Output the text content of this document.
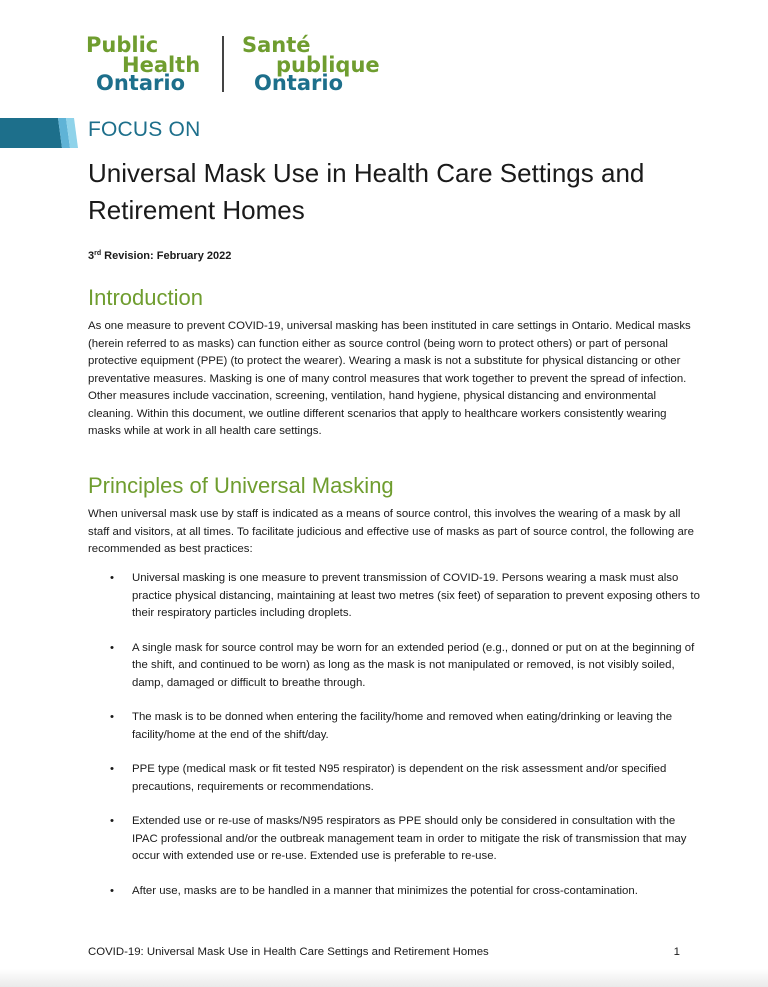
Public
Health
Ontario
Santé
publique
Ontario
FOCUS ON
Universal Mask Use in Health Care Settings and Retirement Homes
3rd Revision: February 2022
Introduction

As one measure to prevent COVID-19, universal masking has been instituted in care settings in Ontario. Medical masks (herein referred to as masks) can function either as source control (being worn to protect others) or part of personal protective equipment (PPE) (to protect the wearer). Wearing a mask is not a substitute for physical distancing or other preventative measures. Masking is one of many control measures that work together to prevent the spread of infection. Other measures include vaccination, screening, ventilation, hand hygiene, physical distancing and environmental cleaning. Within this document, we outline different scenarios that apply to healthcare workers consistently wearing masks while at work in all health care settings.

Principles of Universal Masking

When universal mask use by staff is indicated as a means of source control, this involves the wearing of a mask by all staff and visitors, at all times. To facilitate judicious and effective use of masks as part of source control, the following are recommended as best practices:

• Universal masking is one measure to prevent transmission of COVID-19. Persons wearing a mask must also practice physical distancing, maintaining at least two metres (six feet) of separation to prevent exposing others to their respiratory particles including droplets.
• A single mask for source control may be worn for an extended period (e.g., donned or put on at the beginning of the shift, and continued to be worn) as long as the mask is not manipulated or removed, is not visibly soiled, damp, damaged or difficult to breathe through.
• The mask is to be donned when entering the facility/home and removed when eating/drinking or leaving the facility/home at the end of the shift/day.
• PPE type (medical mask or fit tested N95 respirator) is dependent on the risk assessment and/or specified precautions, requirements or recommendations.
• Extended use or re-use of masks/N95 respirators as PPE should only be considered in consultation with the IPAC professional and/or the outbreak management team in order to mitigate the risk of transmission that may occur with extended use or re-use. Extended use is preferable to re-use.
• After use, masks are to be handled in a manner that minimizes the potential for cross-contamination.
COVID-19: Universal Mask Use in Health Care Settings and Retirement Homes	1
